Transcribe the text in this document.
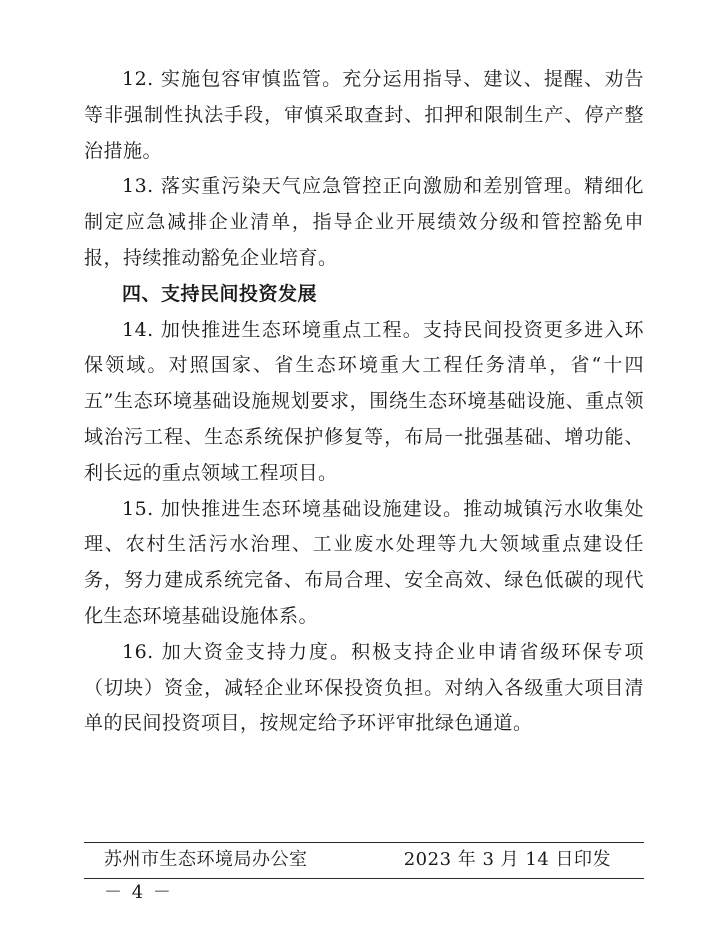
12. 实施包容审慎监管。充分运用指导、建议、提醒、劝告等非强制性执法手段，审慎采取查封、扣押和限制生产、停产整治措施。

13. 落实重污染天气应急管控正向激励和差别管理。精细化制定应急减排企业清单，指导企业开展绩效分级和管控豁免申报，持续推动豁免企业培育。

四、支持民间投资发展

14. 加快推进生态环境重点工程。支持民间投资更多进入环保领域。对照国家、省生态环境重大工程任务清单，省“十四五”生态环境基础设施规划要求，围绕生态环境基础设施、重点领域治污工程、生态系统保护修复等，布局一批强基础、增功能、利长远的重点领域工程项目。

15. 加快推进生态环境基础设施建设。推动城镇污水收集处理、农村生活污水治理、工业废水处理等九大领域重点建设任务，努力建成系统完备、布局合理、安全高效、绿色低碳的现代化生态环境基础设施体系。

16. 加大资金支持力度。积极支持企业申请省级环保专项（切块）资金，减轻企业环保投资负担。对纳入各级重大项目清单的民间投资项目，按规定给予环评审批绿色通道。

苏州市生态环境局办公室	2023 年 3 月 14 日印发
－ 4 －
